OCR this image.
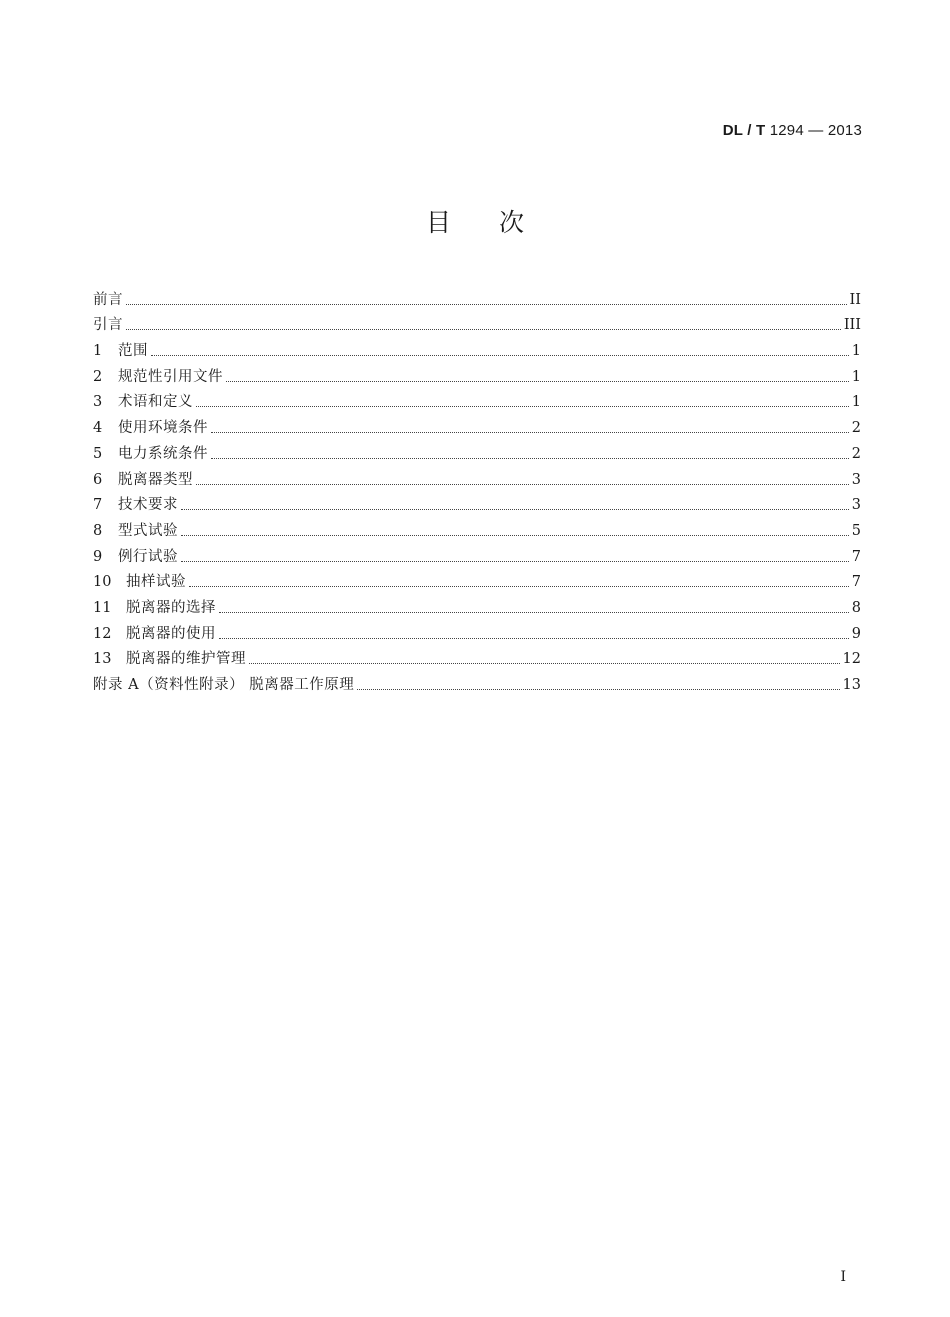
DL / T 1294 — 2013
目次
前言	II
引言	III
1	范围	1
2	规范性引用文件	1
3	术语和定义	1
4	使用环境条件	2
5	电力系统条件	2
6	脱离器类型	3
7	技术要求	3
8	型式试验	5
9	例行试验	7
10	抽样试验	7
11	脱离器的选择	8
12	脱离器的使用	9
13	脱离器的维护管理	12
附录 A（资料性附录） 脱离器工作原理	13
I
